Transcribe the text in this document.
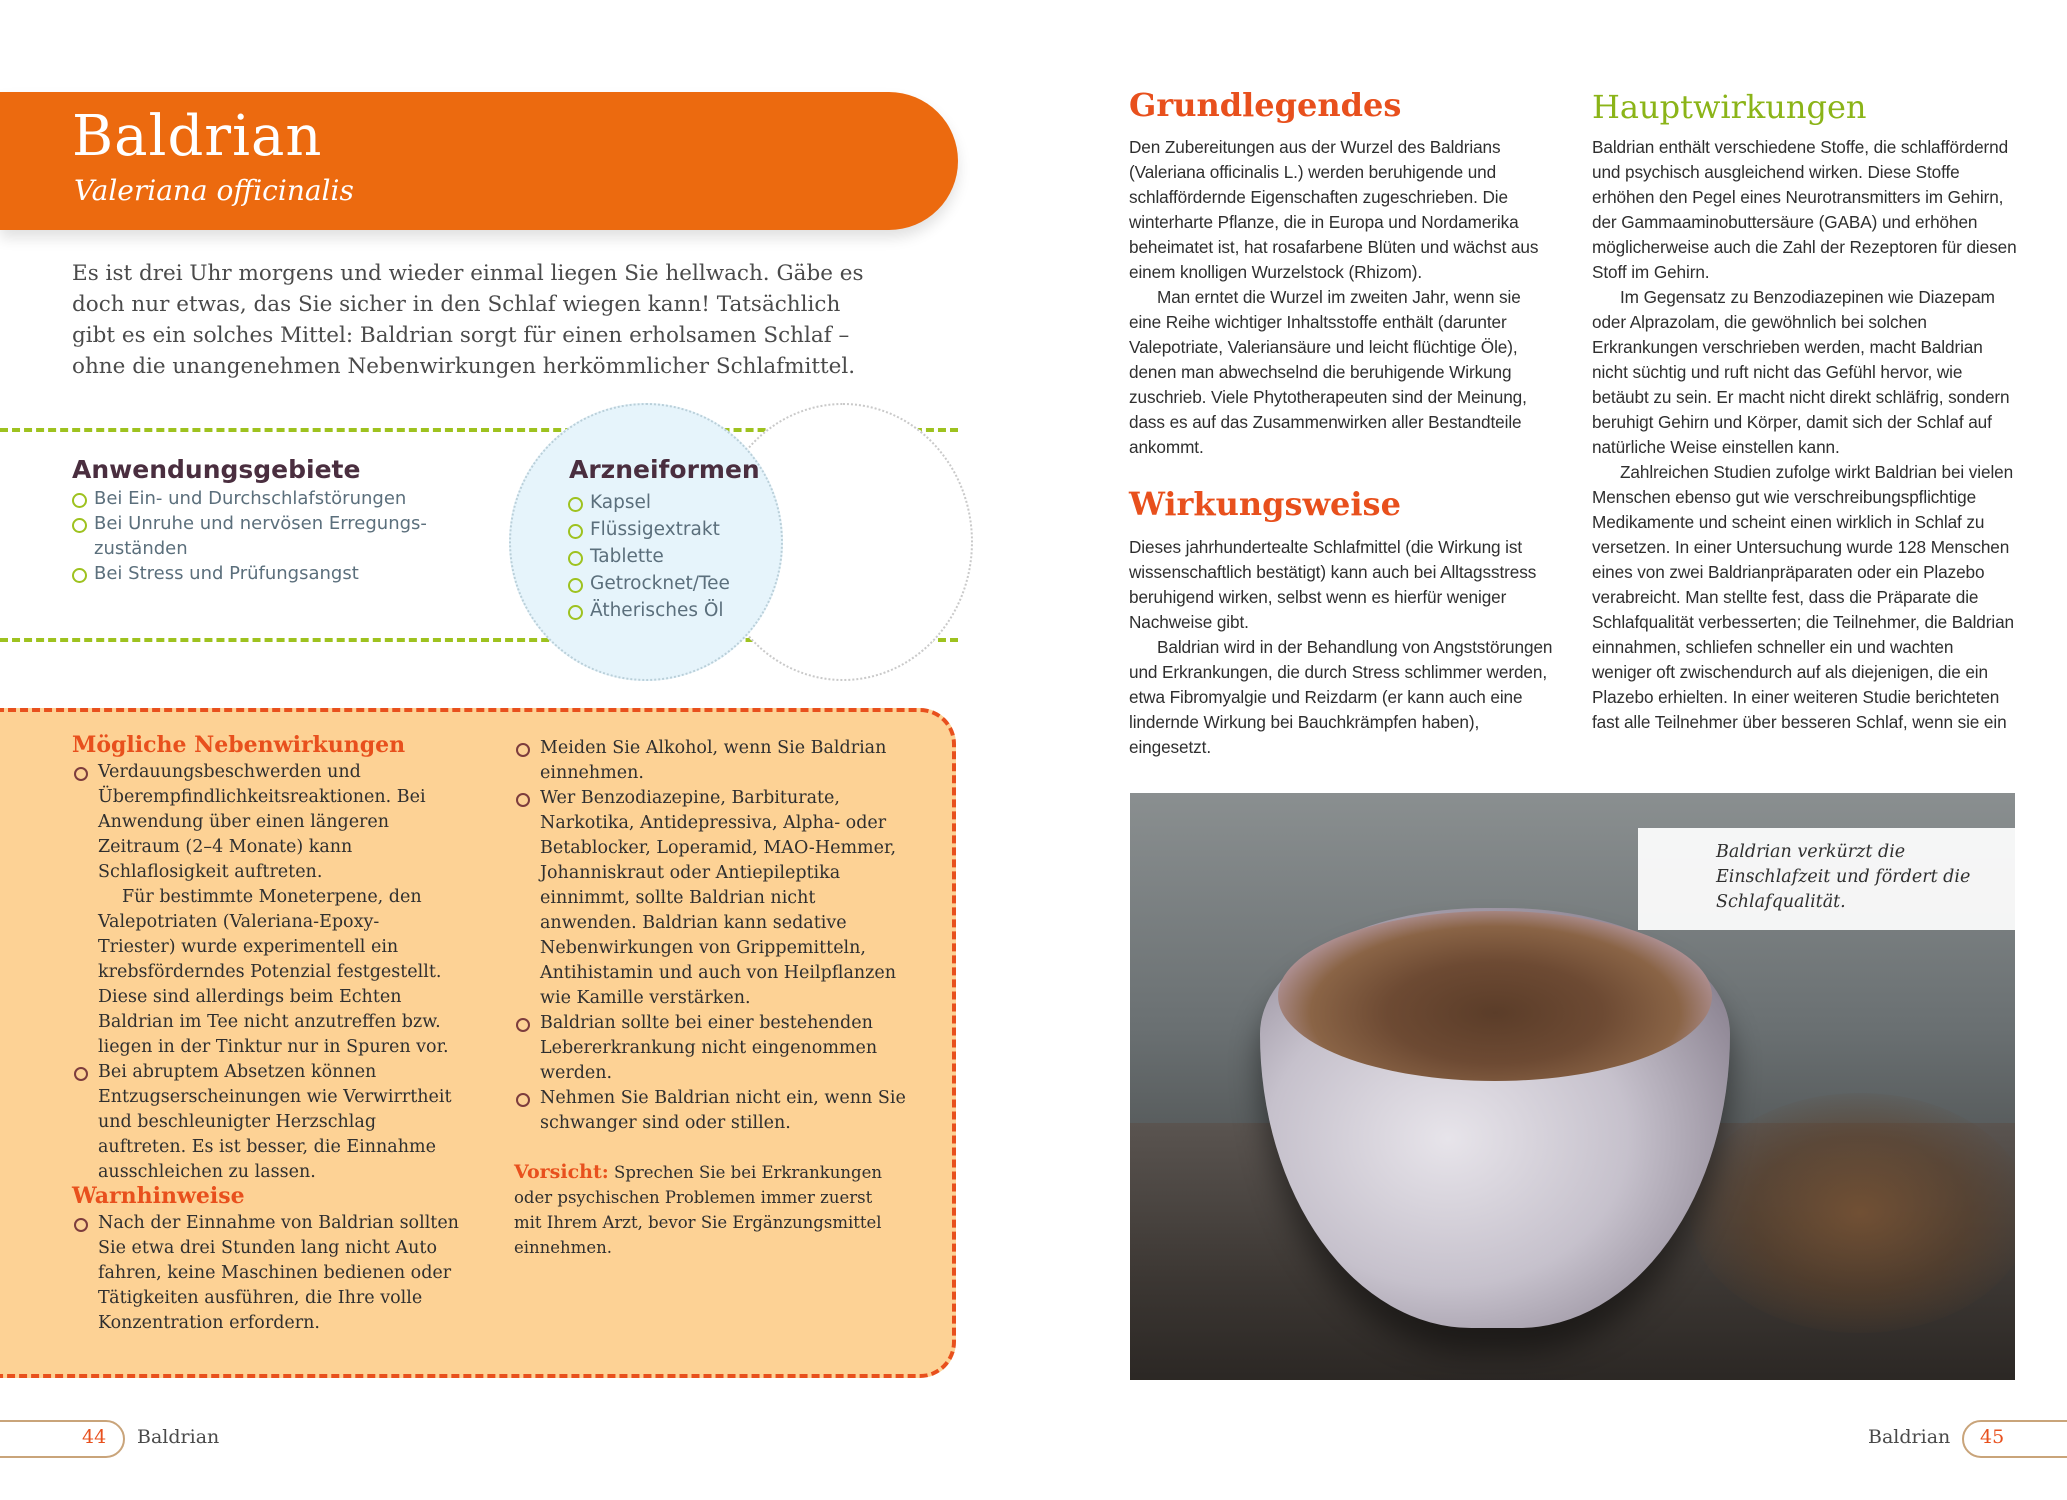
Baldrian
Valeriana officinalis

Es ist drei Uhr morgens und wieder einmal liegen Sie hellwach. Gäbe es doch nur etwas, das Sie sicher in den Schlaf wiegen kann! Tatsächlich gibt es ein solches Mittel: Baldrian sorgt für einen erholsamen Schlaf – ohne die unangenehmen Nebenwirkungen herkömmlicher Schlafmittel.

Anwendungsgebiete
Bei Ein- und Durchschlafstörungen
Bei Unruhe und nervösen Erregungs-zuständen
Bei Stress und Prüfungsangst
Arzneiformen
Kapsel
Flüssigextrakt
Tablette
Getrocknet/Tee
Ätherisches Öl
Mögliche Nebenwirkungen
Verdauungsbeschwerden und Überempfindlichkeitsreaktionen. Bei Anwendung über einen längeren Zeitraum (2–4 Monate) kann Schlaflosigkeit auftreten.
Für bestimmte Moneterpene, den Valepotriaten (Valeriana-Epoxy-Triester) wurde experimentell ein krebsförderndes Potenzial festgestellt. Diese sind allerdings beim Echten Baldrian im Tee nicht anzutreffen bzw. liegen in der Tinktur nur in Spuren vor.
Bei abruptem Absetzen können Entzugserscheinungen wie Verwirrtheit und beschleunigter Herzschlag auftreten. Es ist besser, die Einnahme ausschleichen zu lassen.
Warnhinweise
Nach der Einnahme von Baldrian sollten Sie etwa drei Stunden lang nicht Auto fahren, keine Maschinen bedienen oder Tätigkeiten ausführen, die Ihre volle Konzentration erfordern.
Meiden Sie Alkohol, wenn Sie Baldrian einnehmen.
Wer Benzodiazepine, Barbiturate, Narkotika, Antidepressiva, Alpha- oder Betablocker, Loperamid, MAO-Hemmer, Johanniskraut oder Antiepileptika einnimmt, sollte Baldrian nicht anwenden. Baldrian kann sedative Nebenwirkungen von Grippemitteln, Antihistamin und auch von Heilpflanzen wie Kamille verstärken.
Baldrian sollte bei einer bestehenden Lebererkrankung nicht eingenommen werden.
Nehmen Sie Baldrian nicht ein, wenn Sie schwanger sind oder stillen.

Vorsicht: Sprechen Sie bei Erkrankungen oder psychischen Problemen immer zuerst mit Ihrem Arzt, bevor Sie Ergänzungsmittel einnehmen.

44 Baldrian
Grundlegendes

Den Zubereitungen aus der Wurzel des Baldrians (Valeriana officinalis L.) werden beruhigende und schlaffördernde Eigenschaften zugeschrieben. Die winterharte Pflanze, die in Europa und Nordamerika beheimatet ist, hat rosafarbene Blüten und wächst aus einem knolligen Wurzelstock (Rhizom).

Man erntet die Wurzel im zweiten Jahr, wenn sie eine Reihe wichtiger Inhaltsstoffe enthält (darunter Valepotriate, Valeriansäure und leicht flüchtige Öle), denen man abwechselnd die beruhigende Wirkung zuschrieb. Viele Phytotherapeuten sind der Meinung, dass es auf das Zusammenwirken aller Bestandteile ankommt.

Wirkungsweise

Dieses jahrhundertealte Schlafmittel (die Wirkung ist wissenschaftlich bestätigt) kann auch bei Alltagsstress beruhigend wirken, selbst wenn es hierfür weniger Nachweise gibt.

Baldrian wird in der Behandlung von Angststörungen und Erkrankungen, die durch Stress schlimmer werden, etwa Fibromyalgie und Reizdarm (er kann auch eine lindernde Wirkung bei Bauchkrämpfen haben), eingesetzt.

Hauptwirkungen

Baldrian enthält verschiedene Stoffe, die schlaffördernd und psychisch ausgleichend wirken. Diese Stoffe erhöhen den Pegel eines Neurotransmitters im Gehirn, der Gammaaminobuttersäure (GABA) und erhöhen möglicherweise auch die Zahl der Rezeptoren für diesen Stoff im Gehirn.

Im Gegensatz zu Benzodiazepinen wie Diazepam oder Alprazolam, die gewöhnlich bei solchen Erkrankungen verschrieben werden, macht Baldrian nicht süchtig und ruft nicht das Gefühl hervor, wie betäubt zu sein. Er macht nicht direkt schläfrig, sondern beruhigt Gehirn und Körper, damit sich der Schlaf auf natürliche Weise einstellen kann.

Zahlreichen Studien zufolge wirkt Baldrian bei vielen Menschen ebenso gut wie verschreibungspflichtige Medikamente und scheint einen wirklich in Schlaf zu versetzen. In einer Untersuchung wurde 128 Menschen eines von zwei Baldrianpräparaten oder ein Plazebo verabreicht. Man stellte fest, dass die Präparate die Schlafqualität verbesserten; die Teilnehmer, die Baldrian einnahmen, schliefen schneller ein und wachten weniger oft zwischendurch auf als diejenigen, die ein Plazebo erhielten. In einer weiteren Studie berichteten fast alle Teilnehmer über besseren Schlaf, wenn sie ein

Baldrian verkürzt die Einschlafzeit und fördert die Schlafqualität.
Baldrian 45
